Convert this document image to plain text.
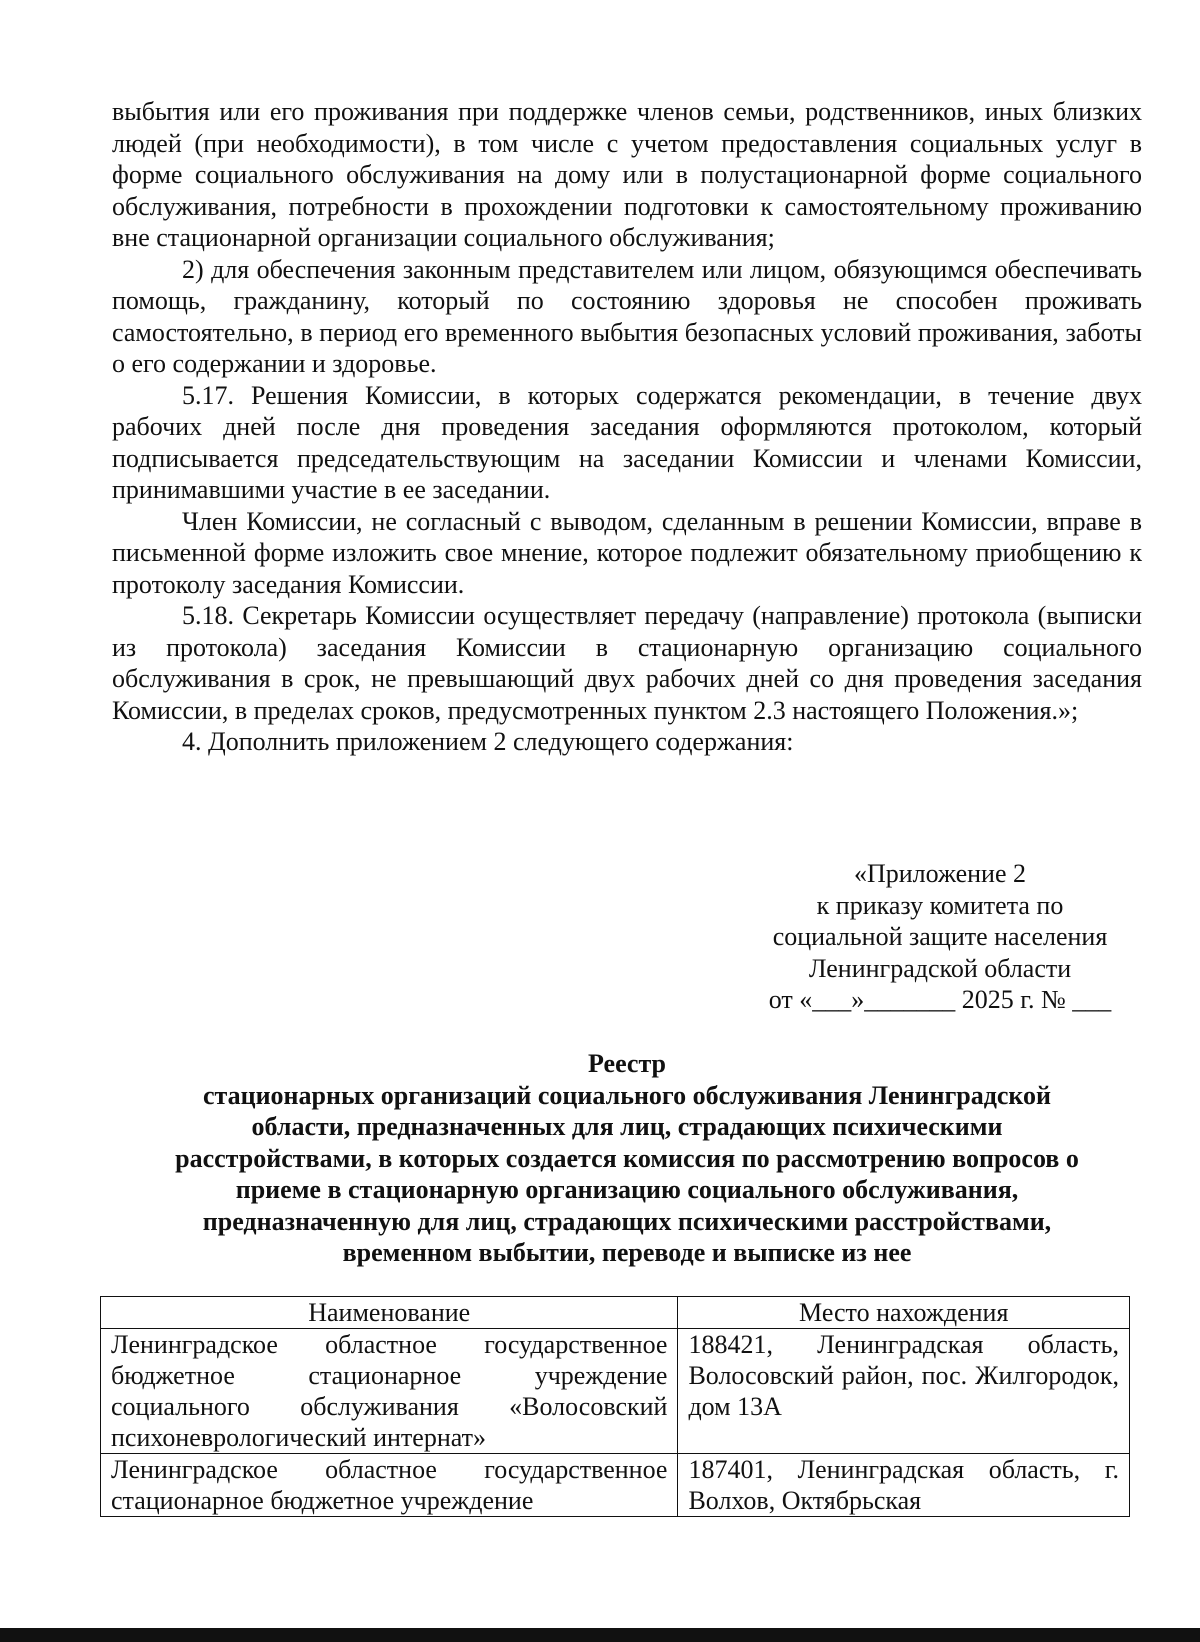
выбытия или его проживания при поддержке членов семьи, родственников, иных близких людей (при необходимости), в том числе с учетом предоставления социальных услуг в форме социального обслуживания на дому или в полустационарной форме социального обслуживания, потребности в прохождении подготовки к самостоятельному проживанию вне стационарной организации социального обслуживания;

2) для обеспечения законным представителем или лицом, обязующимся обеспечивать помощь, гражданину, который по состоянию здоровья не способен проживать самостоятельно, в период его временного выбытия безопасных условий проживания, заботы о его содержании и здоровье.

5.17. Решения Комиссии, в которых содержатся рекомендации, в течение двух рабочих дней после дня проведения заседания оформляются протоколом, который подписывается председательствующим на заседании Комиссии и членами Комиссии, принимавшими участие в ее заседании.

Член Комиссии, не согласный с выводом, сделанным в решении Комиссии, вправе в письменной форме изложить свое мнение, которое подлежит обязательному приобщению к протоколу заседания Комиссии.

5.18. Секретарь Комиссии осуществляет передачу (направление) протокола (выписки из протокола) заседания Комиссии в стационарную организацию социального обслуживания в срок, не превышающий двух рабочих дней со дня проведения заседания Комиссии, в пределах сроков, предусмотренных пунктом 2.3 настоящего Положения.»;

4. Дополнить приложением 2 следующего содержания:

«Приложение 2
к приказу комитета по
социальной защите населения
Ленинградской области
от «___»_______ 2025 г. № ___
Реестр
стационарных организаций социального обслуживания Ленинградской
области, предназначенных для лиц, страдающих психическими
расстройствами, в которых создается комиссия по рассмотрению вопросов о
приеме в стационарную организацию социального обслуживания,
предназначенную для лиц, страдающих психическими расстройствами,
временном выбытии, переводе и выписке из нее
Наименование	Место нахождения
Ленинградское областное государственное бюджетное стационарное учреждение социального обслуживания «Волосовский психоневрологический интернат»	188421, Ленинградская область, Волосовский район, пос. Жилгородок, дом 13А
Ленинградское областное государственное стационарное бюджетное учреждение	187401, Ленинградская область, г. Волхов, Октябрьская
